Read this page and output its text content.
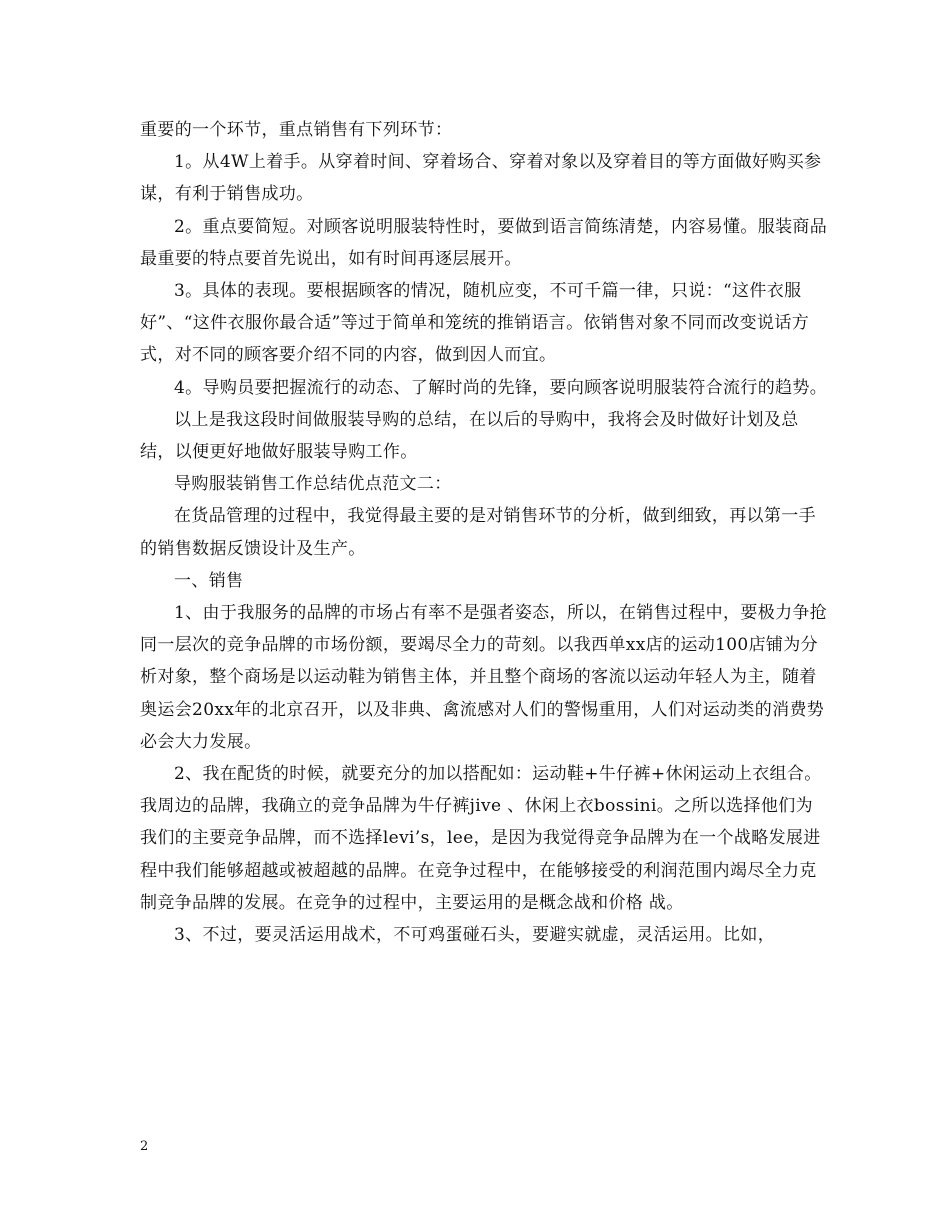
重要的一个环节，重点销售有下列环节：

1。从4W上着手。从穿着时间、穿着场合、穿着对象以及穿着目的等方面做好购买参谋，有利于销售成功。

2。重点要简短。对顾客说明服装特性时，要做到语言简练清楚，内容易懂。服装商品最重要的特点要首先说出，如有时间再逐层展开。

3。具体的表现。要根据顾客的情况，随机应变，不可千篇一律，只说：“这件衣服好”、“这件衣服你最合适”等过于简单和笼统的推销语言。依销售对象不同而改变说话方式，对不同的顾客要介绍不同的内容，做到因人而宜。

4。导购员要把握流行的动态、了解时尚的先锋，要向顾客说明服装符合流行的趋势。

以上是我这段时间做服装导购的总结，在以后的导购中，我将会及时做好计划及总结，以便更好地做好服装导购工作。

导购服装销售工作总结优点范文二：

在货品管理的过程中，我觉得最主要的是对销售环节的分析，做到细致，再以第一手的销售数据反馈设计及生产。

一、销售

1、由于我服务的品牌的市场占有率不是强者姿态，所以，在销售过程中，要极力争抢同一层次的竞争品牌的市场份额，要竭尽全力的苛刻。以我西单xx店的运动100店铺为分析对象，整个商场是以运动鞋为销售主体，并且整个商场的客流以运动年轻人为主，随着奥运会20xx年的北京召开，以及非典、禽流感对人们的警惕重用，人们对运动类的消费势必会大力发展。

2、我在配货的时候，就要充分的加以搭配如：运动鞋+牛仔裤+休闲运动上衣组合。我周边的品牌，我确立的竞争品牌为牛仔裤jive 、休闲上衣bossini。之所以选择他们为我们的主要竞争品牌，而不选择levi’s，lee，是因为我觉得竞争品牌为在一个战略发展进程中我们能够超越或被超越的品牌。在竞争过程中，在能够接受的利润范围内竭尽全力克制竞争品牌的发展。在竞争的过程中，主要运用的是概念战和价格 战。

3、不过，要灵活运用战术，不可鸡蛋碰石头，要避实就虚，灵活运用。比如，

2
